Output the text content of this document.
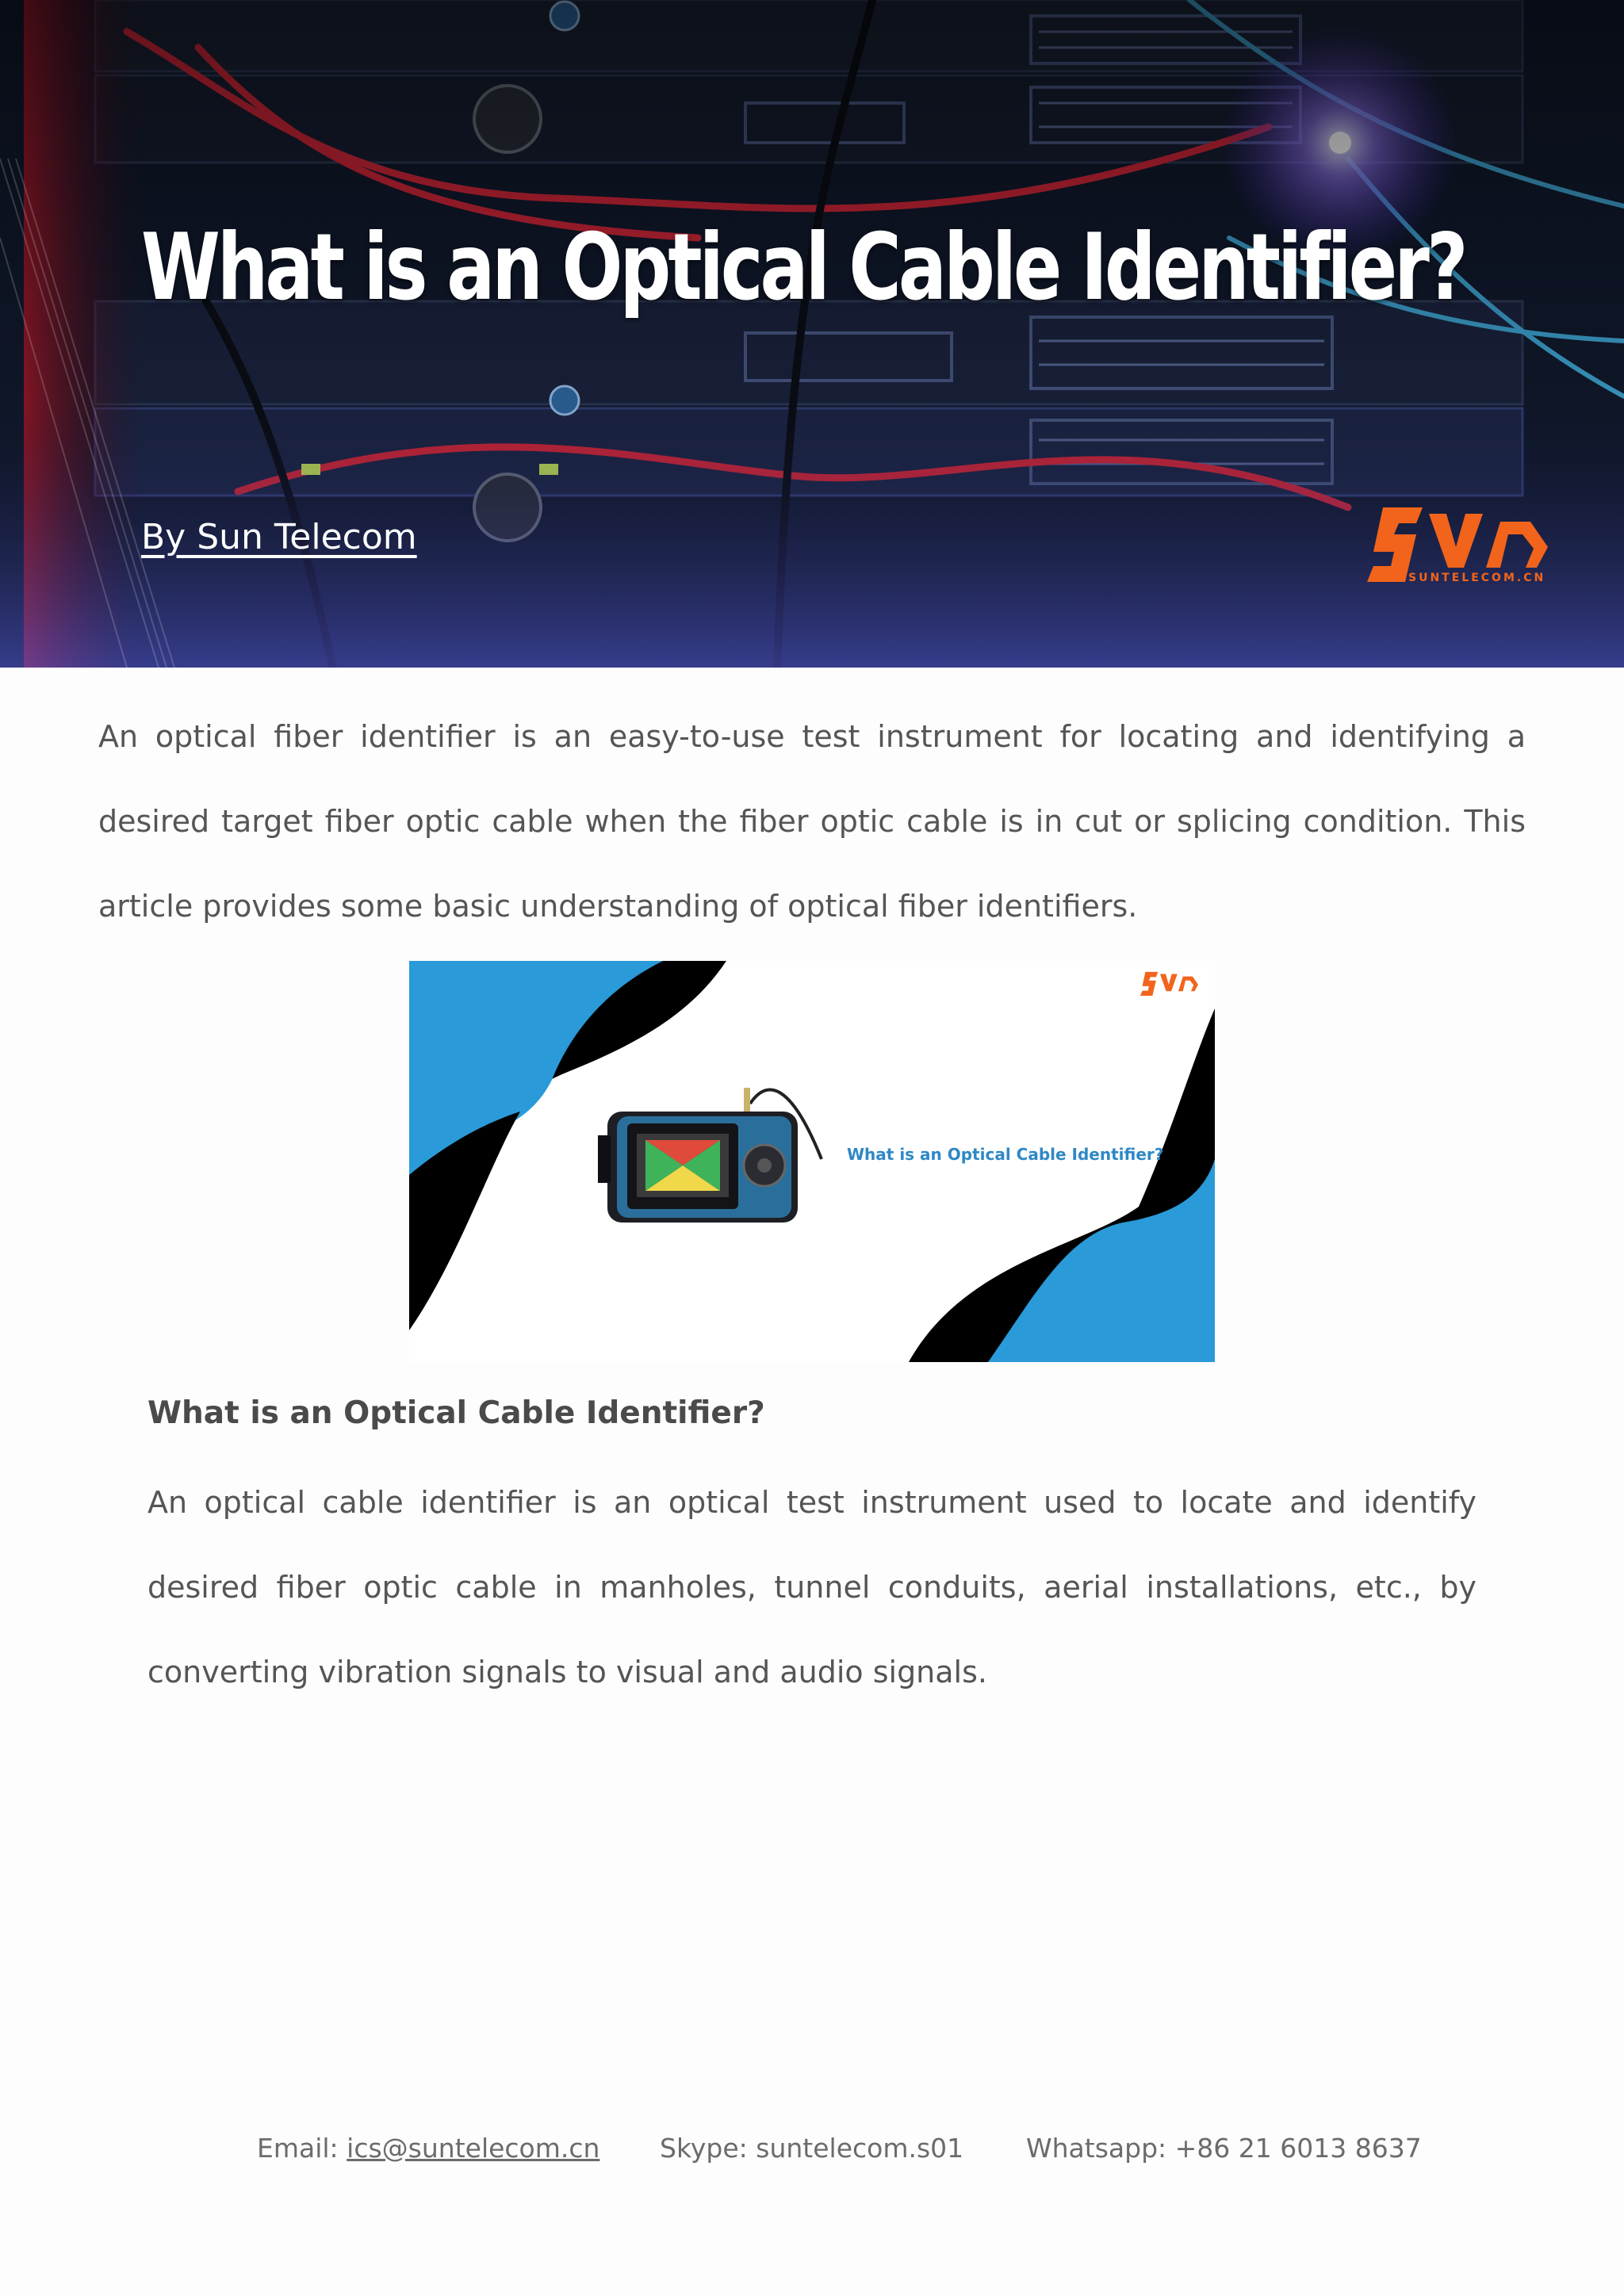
What is an Optical Cable Identifier?
By Sun Telecom
SUNTELECOM.CN

An optical fiber identifier is an easy-to-use test instrument for locating and identifying a desired target fiber optic cable when the fiber optic cable is in cut or splicing condition. This article provides some basic understanding of optical fiber identifiers.

What is an Optical Cable Identifier?
What is an Optical Cable Identifier?

An optical cable identifier is an optical test instrument used to locate and identify desired fiber optic cable in manholes, tunnel conduits, aerial installations, etc., by converting vibration signals to visual and audio signals.

Email: ics@suntelecom.cn Skype: suntelecom.s01 Whatsapp: +86 21 6013 8637
